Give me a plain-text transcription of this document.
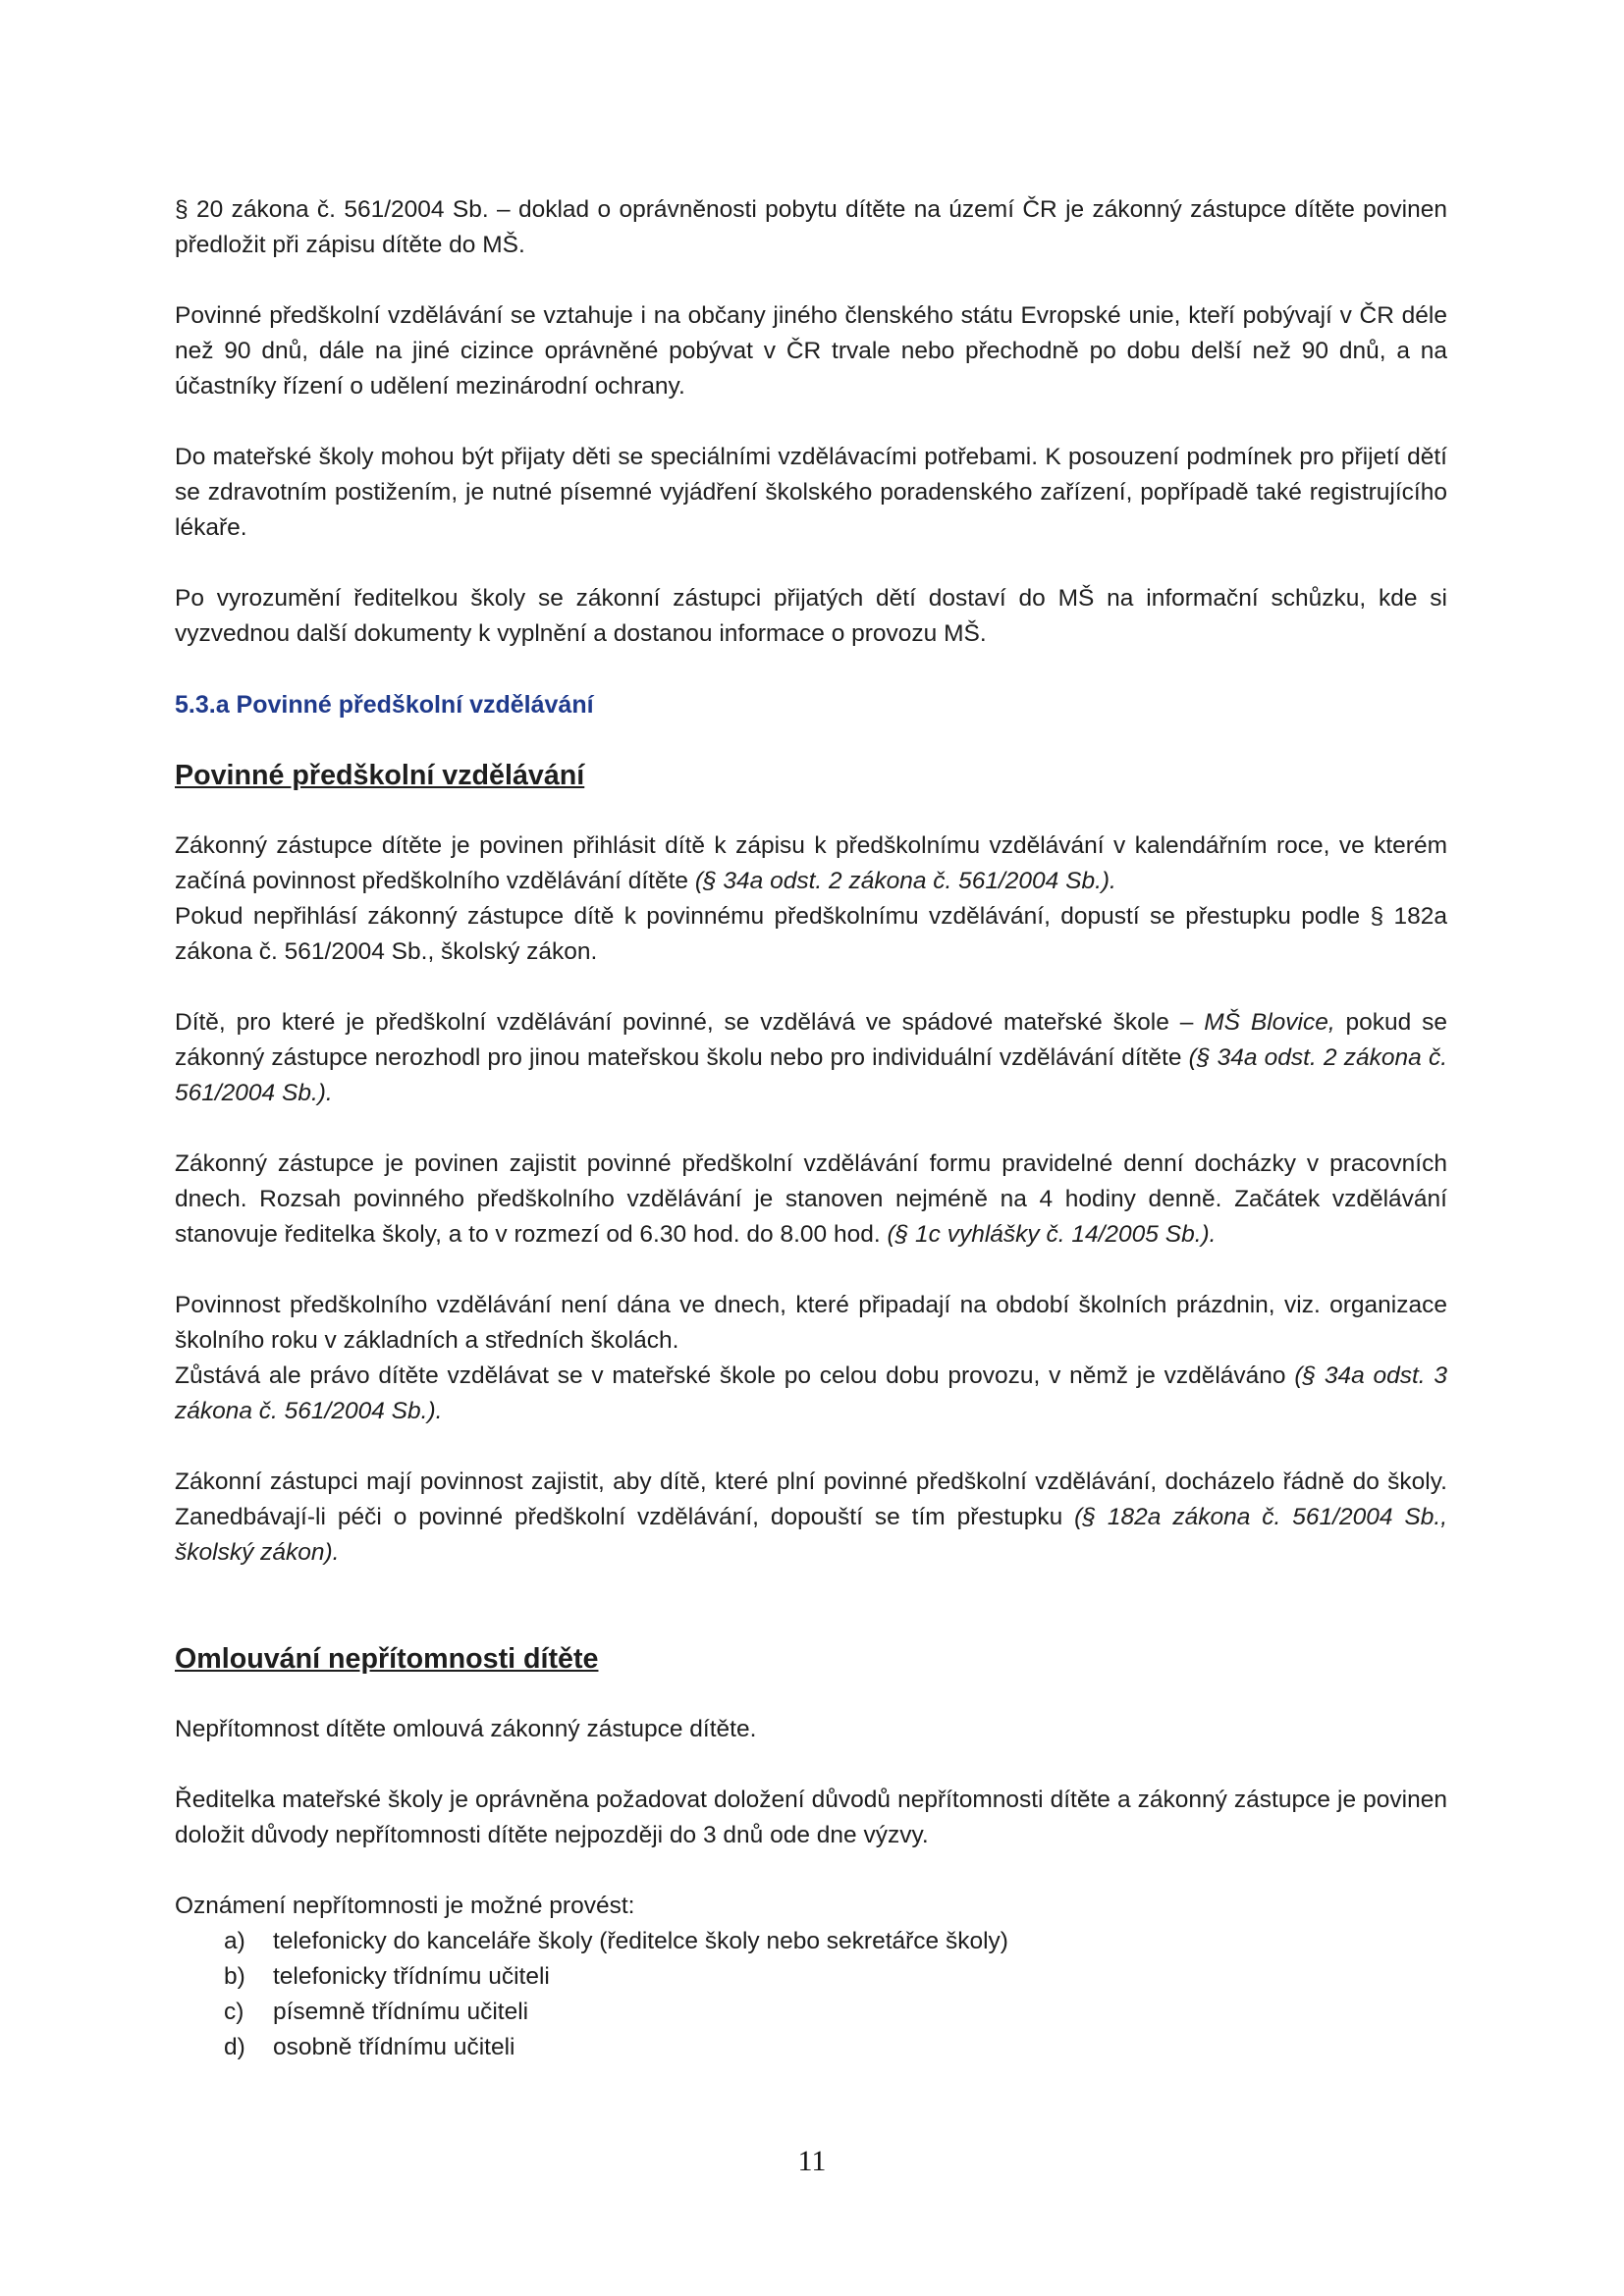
§ 20 zákona č. 561/2004 Sb. – doklad o oprávněnosti pobytu dítěte na území ČR je zákonný zástupce dítěte povinen předložit při zápisu dítěte do MŠ.

Povinné předškolní vzdělávání se vztahuje i na občany jiného členského státu Evropské unie, kteří pobývají v ČR déle než 90 dnů, dále na jiné cizince oprávněné pobývat v ČR trvale nebo přechodně po dobu delší než 90 dnů, a na účastníky řízení o udělení mezinárodní ochrany.

Do mateřské školy mohou být přijaty děti se speciálními vzdělávacími potřebami. K posouzení podmínek pro přijetí dětí se zdravotním postižením, je nutné písemné vyjádření školského poradenského zařízení, popřípadě také registrujícího lékaře.

Po vyrozumění ředitelkou školy se zákonní zástupci přijatých dětí dostaví do MŠ na informační schůzku, kde si vyzvednou další dokumenty k vyplnění a dostanou informace o provozu MŠ.

5.3.a Povinné předškolní vzdělávání
Povinné předškolní vzdělávání

Zákonný zástupce dítěte je povinen přihlásit dítě k zápisu k předškolnímu vzdělávání v kalendářním roce, ve kterém začíná povinnost předškolního vzdělávání dítěte (§ 34a odst. 2 zákona č. 561/2004 Sb.).

Pokud nepřihlásí zákonný zástupce dítě k povinnému předškolnímu vzdělávání, dopustí se přestupku podle § 182a zákona č. 561/2004 Sb., školský zákon.

Dítě, pro které je předškolní vzdělávání povinné, se vzdělává ve spádové mateřské škole – MŠ Blovice, pokud se zákonný zástupce nerozhodl pro jinou mateřskou školu nebo pro individuální vzdělávání dítěte (§ 34a odst. 2 zákona č. 561/2004 Sb.).

Zákonný zástupce je povinen zajistit povinné předškolní vzdělávání formu pravidelné denní docházky v pracovních dnech. Rozsah povinného předškolního vzdělávání je stanoven nejméně na 4 hodiny denně. Začátek vzdělávání stanovuje ředitelka školy, a to v rozmezí od 6.30 hod. do 8.00 hod. (§ 1c vyhlášky č. 14/2005 Sb.).

Povinnost předškolního vzdělávání není dána ve dnech, které připadají na období školních prázdnin, viz. organizace školního roku v základních a středních školách.

Zůstává ale právo dítěte vzdělávat se v mateřské škole po celou dobu provozu, v němž je vzděláváno (§ 34a odst. 3 zákona č. 561/2004 Sb.).

Zákonní zástupci mají povinnost zajistit, aby dítě, které plní povinné předškolní vzdělávání, docházelo řádně do školy. Zanedbávají-li péči o povinné předškolní vzdělávání, dopouští se tím přestupku (§ 182a zákona č. 561/2004 Sb., školský zákon).

Omlouvání nepřítomnosti dítěte

Nepřítomnost dítěte omlouvá zákonný zástupce dítěte.

Ředitelka mateřské školy je oprávněna požadovat doložení důvodů nepřítomnosti dítěte a zákonný zástupce je povinen doložit důvody nepřítomnosti dítěte nejpozději do 3 dnů ode dne výzvy.

Oznámení nepřítomnosti je možné provést:

a) telefonicky do kanceláře školy (ředitelce školy nebo sekretářce školy)
b) telefonicky třídnímu učiteli
c) písemně třídnímu učiteli
d) osobně třídnímu učiteli
11
